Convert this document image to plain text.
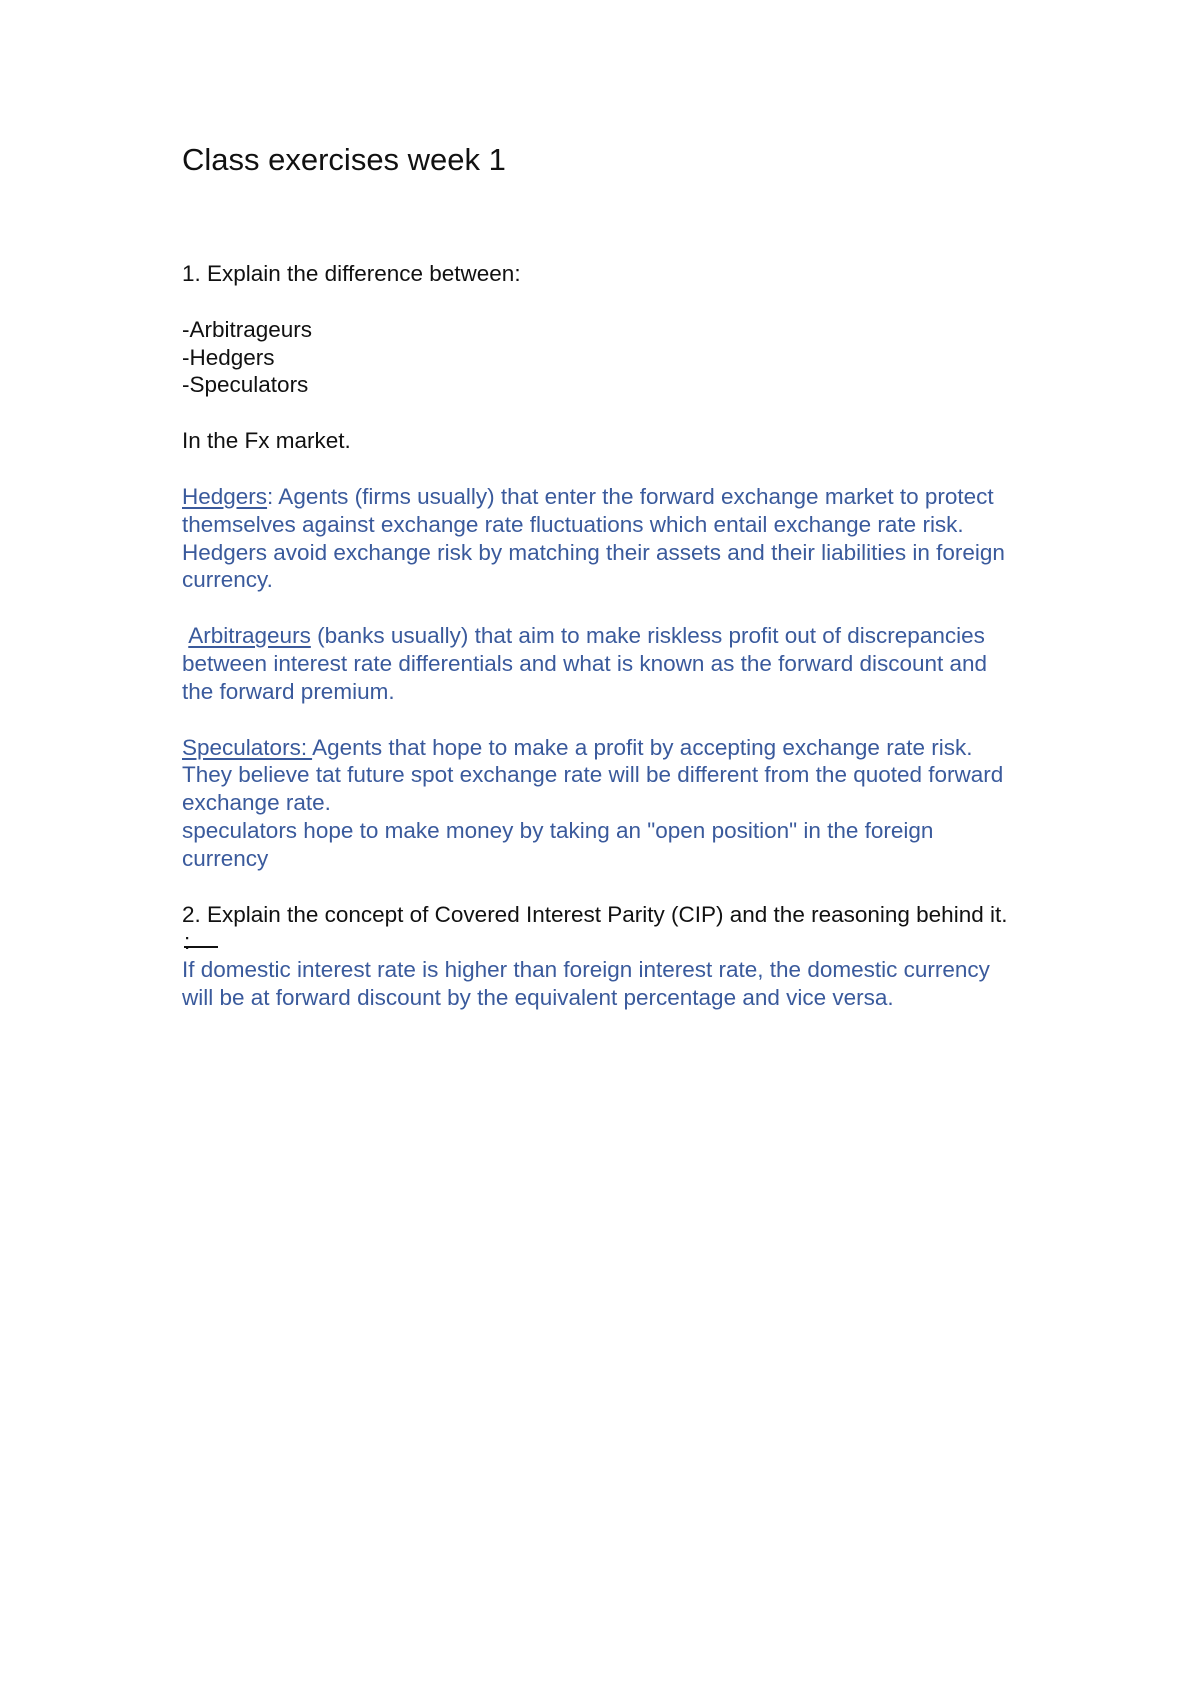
Class exercises week 1

1. Explain the difference between:

-Arbitrageurs

-Hedgers

-Speculators

In the Fx market.

Hedgers: Agents (firms usually) that enter the forward exchange market to protect themselves against exchange rate fluctuations which entail exchange rate risk.

Hedgers avoid exchange risk by matching their assets and their liabilities in foreign currency.

Arbitrageurs (banks usually) that aim to make riskless profit out of discrepancies between interest rate differentials and what is known as the forward discount and the forward premium.

Speculators: Agents that hope to make a profit by accepting exchange rate risk. They believe tat future spot exchange rate will be different from the quoted forward exchange rate.

speculators hope to make money by taking an "open position" in the foreign currency

2. Explain the concept of Covered Interest Parity (CIP) and the reasoning behind it.:

If domestic interest rate is higher than foreign interest rate, the domestic currency will be at forward discount by the equivalent percentage and vice versa.
